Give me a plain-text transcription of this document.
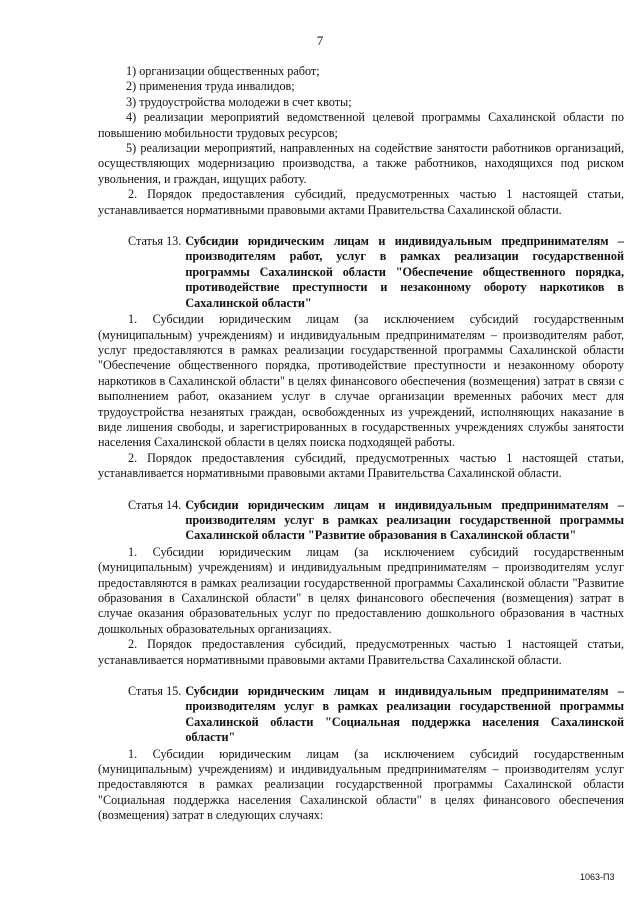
7

1) организации общественных работ;

2) применения труда инвалидов;

3) трудоустройства молодежи в счет квоты;

4) реализации мероприятий ведомственной целевой программы Сахалинской области по повышению мобильности трудовых ресурсов;

5) реализации мероприятий, направленных на содействие занятости работников организаций, осуществляющих модернизацию производства, а также работников, находящихся под риском увольнения, и граждан, ищущих работу.

2. Порядок предоставления субсидий, предусмотренных частью 1 настоящей статьи, устанавливается нормативными правовыми актами Правительства Сахалинской области.

Статья 13. Субсидии юридическим лицам и индивидуальным предпринимателям – производителям работ, услуг в рамках реализации государственной программы Сахалинской области "Обеспечение общественного порядка, противодействие преступности и незаконному обороту наркотиков в Сахалинской области"

1. Субсидии юридическим лицам (за исключением субсидий государственным (муниципальным) учреждениям) и индивидуальным предпринимателям – производителям работ, услуг предоставляются в рамках реализации государственной программы Сахалинской области "Обеспечение общественного порядка, противодействие преступности и незаконному обороту наркотиков в Сахалинской области" в целях финансового обеспечения (возмещения) затрат в связи с выполнением работ, оказанием услуг в случае организации временных рабочих мест для трудоустройства незанятых граждан, освобожденных из учреждений, исполняющих наказание в виде лишения свободы, и зарегистрированных в государственных учреждениях службы занятости населения Сахалинской области в целях поиска подходящей работы.

2. Порядок предоставления субсидий, предусмотренных частью 1 настоящей статьи, устанавливается нормативными правовыми актами Правительства Сахалинской области.

Статья 14. Субсидии юридическим лицам и индивидуальным предпринимателям – производителям услуг в рамках реализации государственной программы Сахалинской области "Развитие образования в Сахалинской области"

1. Субсидии юридическим лицам (за исключением субсидий государственным (муниципальным) учреждениям) и индивидуальным предпринимателям – производителям услуг предоставляются в рамках реализации государственной программы Сахалинской области "Развитие образования в Сахалинской области" в целях финансового обеспечения (возмещения) затрат в случае оказания образовательных услуг по предоставлению дошкольного образования в частных дошкольных образовательных организациях.

2. Порядок предоставления субсидий, предусмотренных частью 1 настоящей статьи, устанавливается нормативными правовыми актами Правительства Сахалинской области.

Статья 15. Субсидии юридическим лицам и индивидуальным предпринимателям – производителям услуг в рамках реализации государственной программы Сахалинской области "Социальная поддержка населения Сахалинской области"

1. Субсидии юридическим лицам (за исключением субсидий государственным (муниципальным) учреждениям) и индивидуальным предпринимателям – производителям услуг предоставляются в рамках реализации государственной программы Сахалинской области "Социальная поддержка населения Сахалинской области" в целях финансового обеспечения (возмещения) затрат в следующих случаях:

1063-П3
